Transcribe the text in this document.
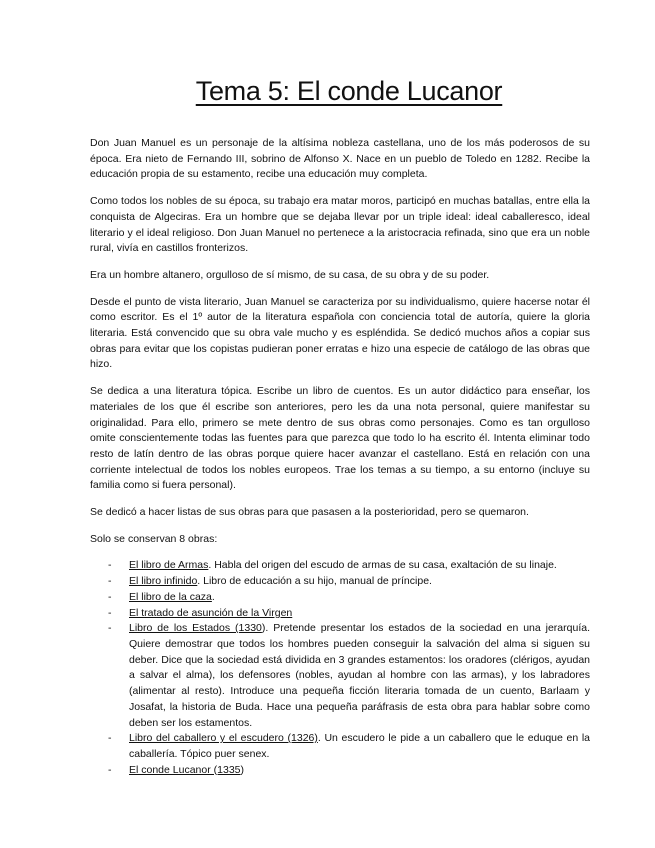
Tema 5: El conde Lucanor

Don Juan Manuel es un personaje de la altísima nobleza castellana, uno de los más poderosos de su época. Era nieto de Fernando III, sobrino de Alfonso X. Nace en un pueblo de Toledo en 1282. Recibe la educación propia de su estamento, recibe una educación muy completa.

Como todos los nobles de su época, su trabajo era matar moros, participó en muchas batallas, entre ella la conquista de Algeciras. Era un hombre que se dejaba llevar por un triple ideal: ideal caballeresco, ideal literario y el ideal religioso. Don Juan Manuel no pertenece a la aristocracia refinada, sino que era un noble rural, vivía en castillos fronterizos.

Era un hombre altanero, orgulloso de sí mismo, de su casa, de su obra y de su poder.

Desde el punto de vista literario, Juan Manuel se caracteriza por su individualismo, quiere hacerse notar él como escritor. Es el 1º autor de la literatura española con conciencia total de autoría, quiere la gloria literaria. Está convencido que su obra vale mucho y es espléndida. Se dedicó muchos años a copiar sus obras para evitar que los copistas pudieran poner erratas e hizo una especie de catálogo de las obras que hizo.

Se dedica a una literatura tópica. Escribe un libro de cuentos. Es un autor didáctico para enseñar, los materiales de los que él escribe son anteriores, pero les da una nota personal, quiere manifestar su originalidad. Para ello, primero se mete dentro de sus obras como personajes. Como es tan orgulloso omite conscientemente todas las fuentes para que parezca que todo lo ha escrito él. Intenta eliminar todo resto de latín dentro de las obras porque quiere hacer avanzar el castellano. Está en relación con una corriente intelectual de todos los nobles europeos. Trae los temas a su tiempo, a su entorno (incluye su familia como si fuera personal).

Se dedicó a hacer listas de sus obras para que pasasen a la posterioridad, pero se quemaron.

Solo se conservan 8 obras:

- El libro de Armas. Habla del origen del escudo de armas de su casa, exaltación de su linaje.
- El libro infinido. Libro de educación a su hijo, manual de príncipe.
- El libro de la caza.
- El tratado de asunción de la Virgen
- Libro de los Estados (1330). Pretende presentar los estados de la sociedad en una jerarquía. Quiere demostrar que todos los hombres pueden conseguir la salvación del alma si siguen su deber. Dice que la sociedad está dividida en 3 grandes estamentos: los oradores (clérigos, ayudan a salvar el alma), los defensores (nobles, ayudan al hombre con las armas), y los labradores (alimentar al resto). Introduce una pequeña ficción literaria tomada de un cuento, Barlaam y Josafat, la historia de Buda. Hace una pequeña paráfrasis de esta obra para hablar sobre como deben ser los estamentos.
- Libro del caballero y el escudero (1326). Un escudero le pide a un caballero que le eduque en la caballería. Tópico puer senex.
- El conde Lucanor (1335)
